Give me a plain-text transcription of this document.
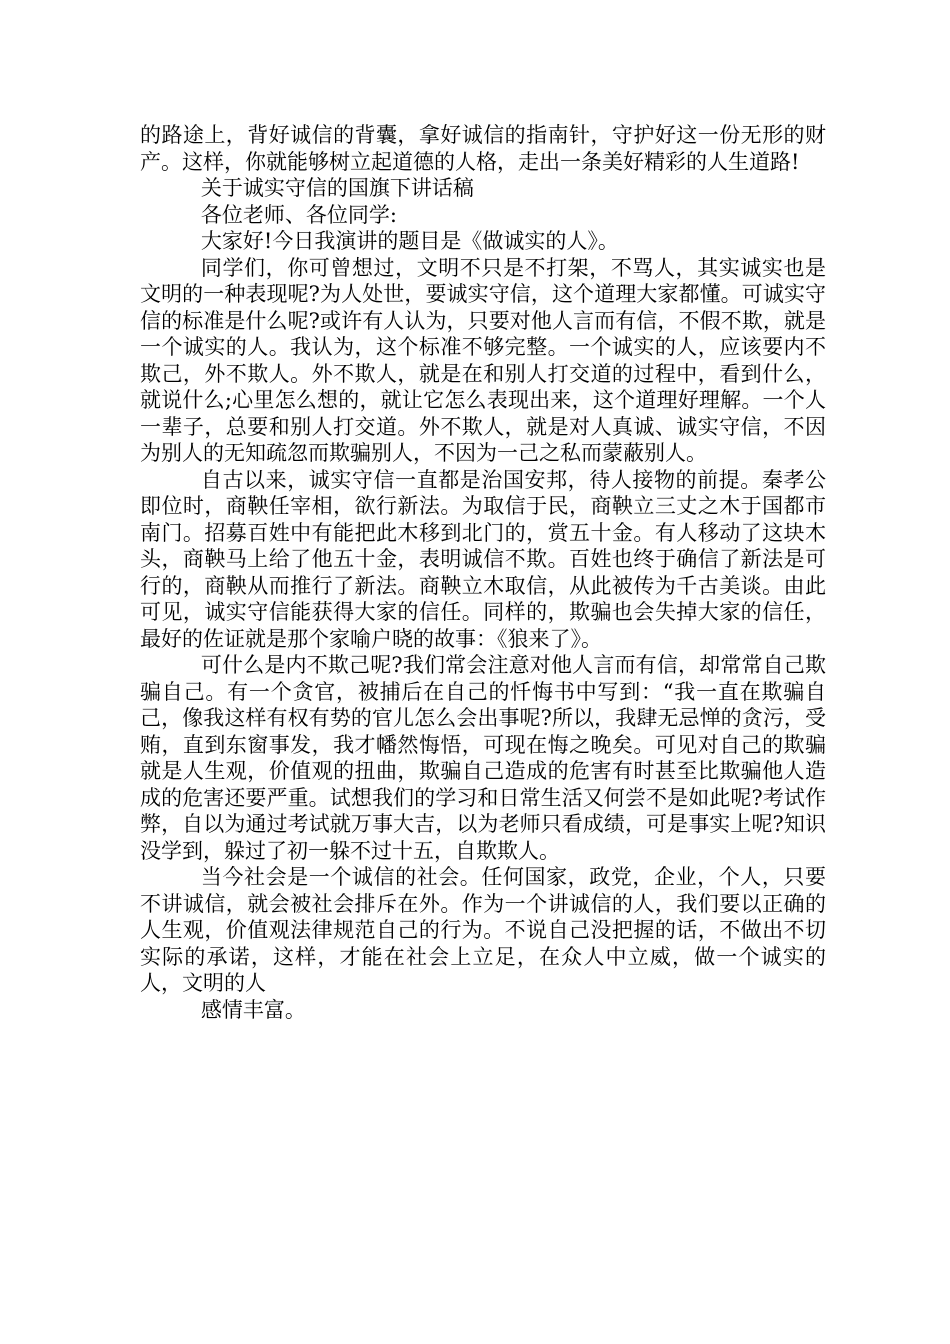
的路途上，背好诚信的背囊，拿好诚信的指南针，守护好这一份无形的财产。这样，你就能够树立起道德的人格，走出一条美好精彩的人生道路!

关于诚实守信的国旗下讲话稿

各位老师、各位同学:

大家好!今日我演讲的题目是《做诚实的人》。

同学们，你可曾想过，文明不只是不打架，不骂人，其实诚实也是文明的一种表现呢?为人处世，要诚实守信，这个道理大家都懂。可诚实守信的标准是什么呢?或许有人认为，只要对他人言而有信，不假不欺，就是一个诚实的人。我认为，这个标准不够完整。一个诚实的人，应该要内不欺己，外不欺人。外不欺人，就是在和别人打交道的过程中，看到什么，就说什么;心里怎么想的，就让它怎么表现出来，这个道理好理解。一个人一辈子，总要和别人打交道。外不欺人，就是对人真诚、诚实守信，不因为别人的无知疏忽而欺骗别人，不因为一己之私而蒙蔽别人。

自古以来，诚实守信一直都是治国安邦，待人接物的前提。秦孝公即位时，商鞅任宰相，欲行新法。为取信于民，商鞅立三丈之木于国都市南门。招募百姓中有能把此木移到北门的，赏五十金。有人移动了这块木头，商鞅马上给了他五十金，表明诚信不欺。百姓也终于确信了新法是可行的，商鞅从而推行了新法。商鞅立木取信，从此被传为千古美谈。由此可见，诚实守信能获得大家的信任。同样的，欺骗也会失掉大家的信任，最好的佐证就是那个家喻户晓的故事：《狼来了》。

可什么是内不欺己呢?我们常会注意对他人言而有信，却常常自己欺骗自己。有一个贪官，被捕后在自己的忏悔书中写到：“我一直在欺骗自己，像我这样有权有势的官儿怎么会出事呢?所以，我肆无忌惮的贪污，受贿，直到东窗事发，我才幡然悔悟，可现在悔之晚矣。可见对自己的欺骗就是人生观，价值观的扭曲，欺骗自己造成的危害有时甚至比欺骗他人造成的危害还要严重。试想我们的学习和日常生活又何尝不是如此呢?考试作弊，自以为通过考试就万事大吉，以为老师只看成绩，可是事实上呢?知识没学到，躲过了初一躲不过十五，自欺欺人。

当今社会是一个诚信的社会。任何国家，政党，企业，个人，只要不讲诚信，就会被社会排斥在外。作为一个讲诚信的人，我们要以正确的人生观，价值观法律规范自己的行为。不说自己没把握的话，不做出不切实际的承诺，这样，才能在社会上立足，在众人中立威，做一个诚实的人，文明的人

感情丰富。
